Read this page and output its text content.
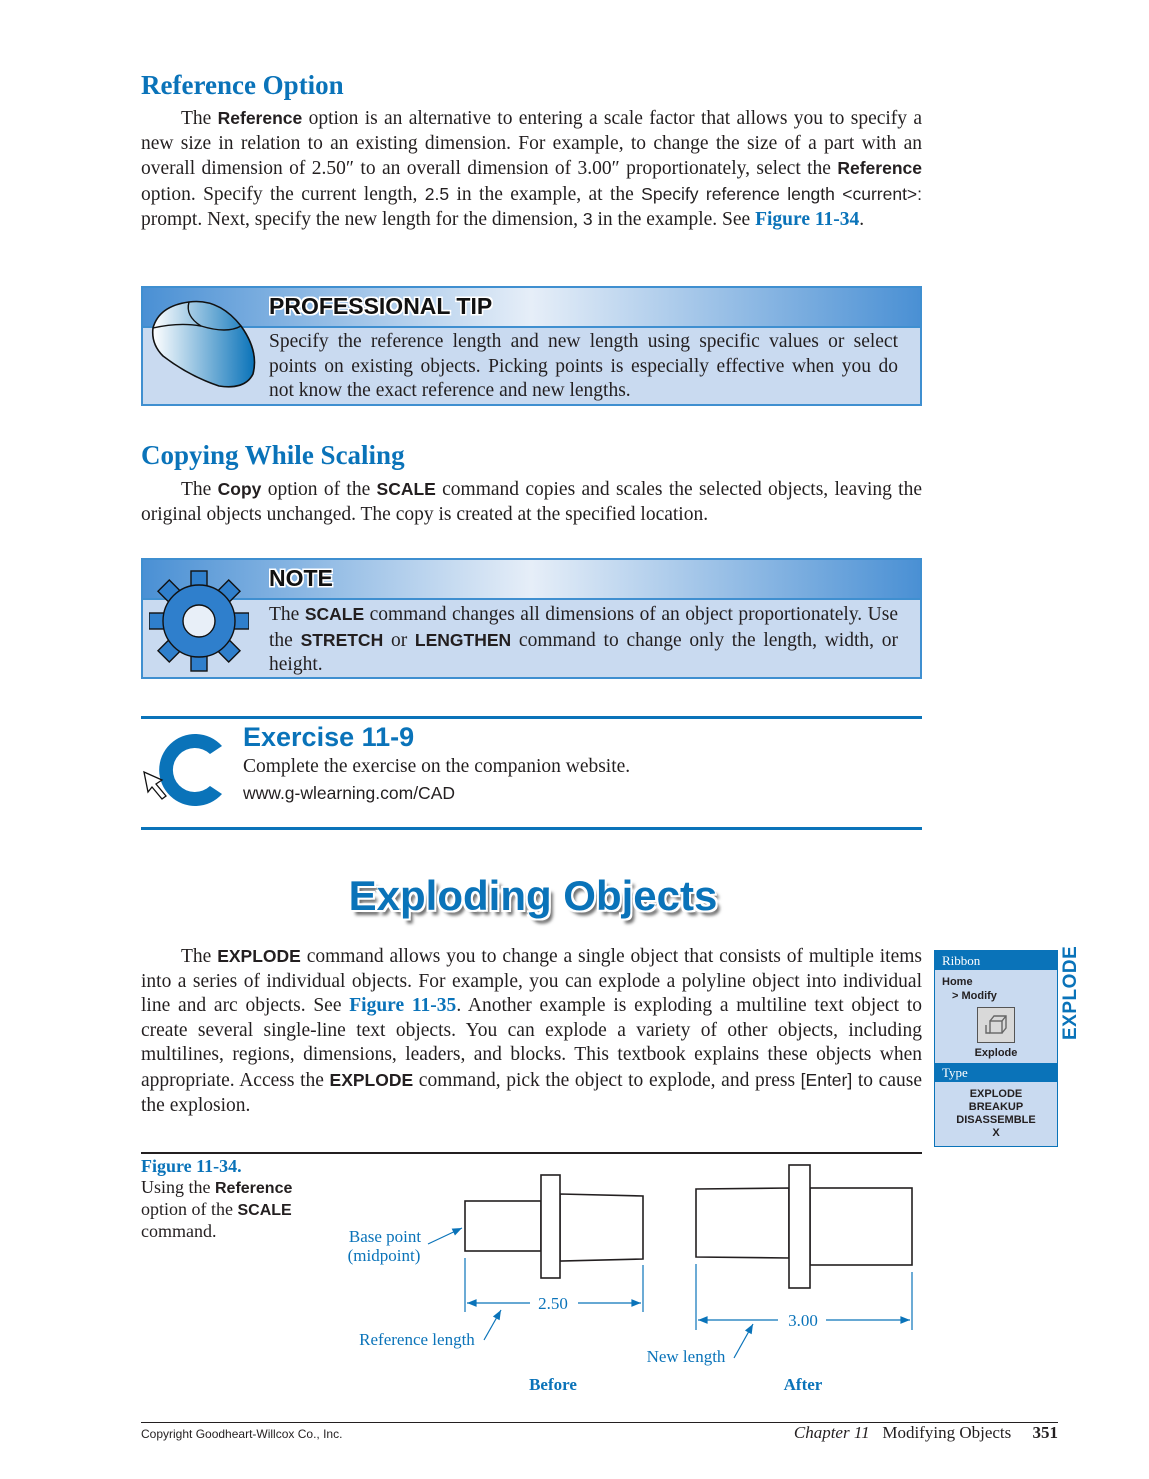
Reference Option
The Reference option is an alternative to entering a scale factor that allows you to specify a new size in relation to an existing dimension. For example, to change the size of a part with an overall dimension of 2.50″ to an overall dimension of 3.00″ proportionately, select the Reference option. Specify the current length, 2.5 in the example, at the Specify reference length <current>: prompt. Next, specify the new length for the dimension, 3 in the example. See Figure 11-34.
PROFESSIONAL TIP
Specify the reference length and new length using specific values or select points on existing objects. Picking points is especially effective when you do not know the exact reference and new lengths.
Copying While Scaling
The Copy option of the SCALE command copies and scales the selected objects, leaving the original objects unchanged. The copy is created at the specified location.
NOTE
The SCALE command changes all dimensions of an object proportionately. Use the STRETCH or LENGTHEN command to change only the length, width, or height.
Exercise 11-9
Complete the exercise on the companion website.
www.g-wlearning.com/CAD
Exploding Objects
The EXPLODE command allows you to change a single object that consists of multiple items into a series of individual objects. For example, you can explode a polyline object into individual line and arc objects. See Figure 11-35. Another example is exploding a multiline text object to create several single-line text objects. You can explode a variety of other objects, including multilines, regions, dimensions, leaders, and blocks. This textbook explains these objects when appropriate. Access the EXPLODE command, pick the object to explode, and press [Enter] to cause the explosion.
Ribbon
Home
> Modify
Explode
Type
EXPLODE
BREAKUP
DISASSEMBLE
X
EXPLODE
Figure 11-34.
Using the Reference option of the SCALE command.	Base point
(midpoint)
2.50
3.00
Reference length
New length
Before	After
Copyright Goodheart-Willcox Co., Inc.	Chapter 11 Modifying Objects 351
